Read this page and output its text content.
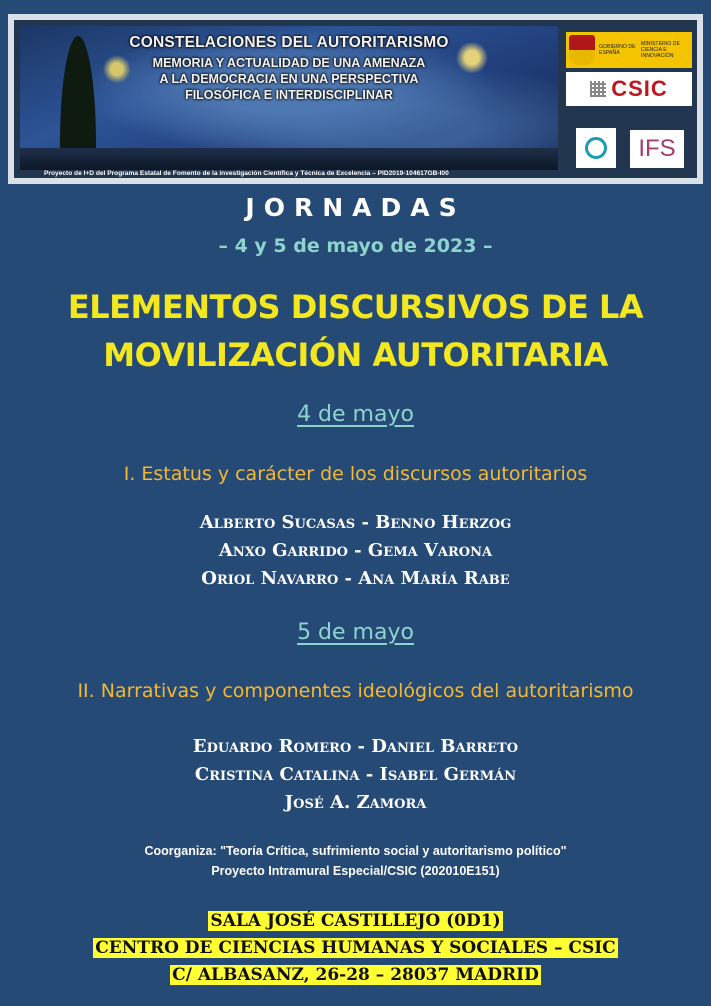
CONSTELACIONES DEL AUTORITARISMO
MEMORIA Y ACTUALIDAD DE UNA AMENAZA
A LA DEMOCRACIA EN UNA PERSPECTIVA
FILOSÓFICA E INTERDISCIPLINAR
Proyecto de I+D del Programa Estatal de Fomento de la investigación Científica y Técnica de Excelencia – PID2019-104617GB-I00
GOBIERNO DE ESPAÑA
MINISTERIO DE CIENCIA E INNOVACIÓN
CSIC
IFS
JORNADAS
– 4 y 5 de mayo de 2023 –
ELEMENTOS DISCURSIVOS DE LA
MOVILIZACIÓN AUTORITARIA
4 de mayo
I. Estatus y carácter de los discursos autoritarios
Alberto Sucasas - Benno Herzog
Anxo Garrido - Gema Varona
Oriol Navarro - Ana María Rabe
5 de mayo
II. Narrativas y componentes ideológicos del autoritarismo
Eduardo Romero - Daniel Barreto
Cristina Catalina - Isabel Germán
José A. Zamora
Coorganiza: "Teoría Crítica, sufrimiento social y autoritarismo político"
Proyecto Intramural Especial/CSIC (202010E151)
SALA JOSÉ CASTILLEJO (0D1)
CENTRO DE CIENCIAS HUMANAS Y SOCIALES – CSIC
C/ ALBASANZ, 26-28 – 28037 MADRID
